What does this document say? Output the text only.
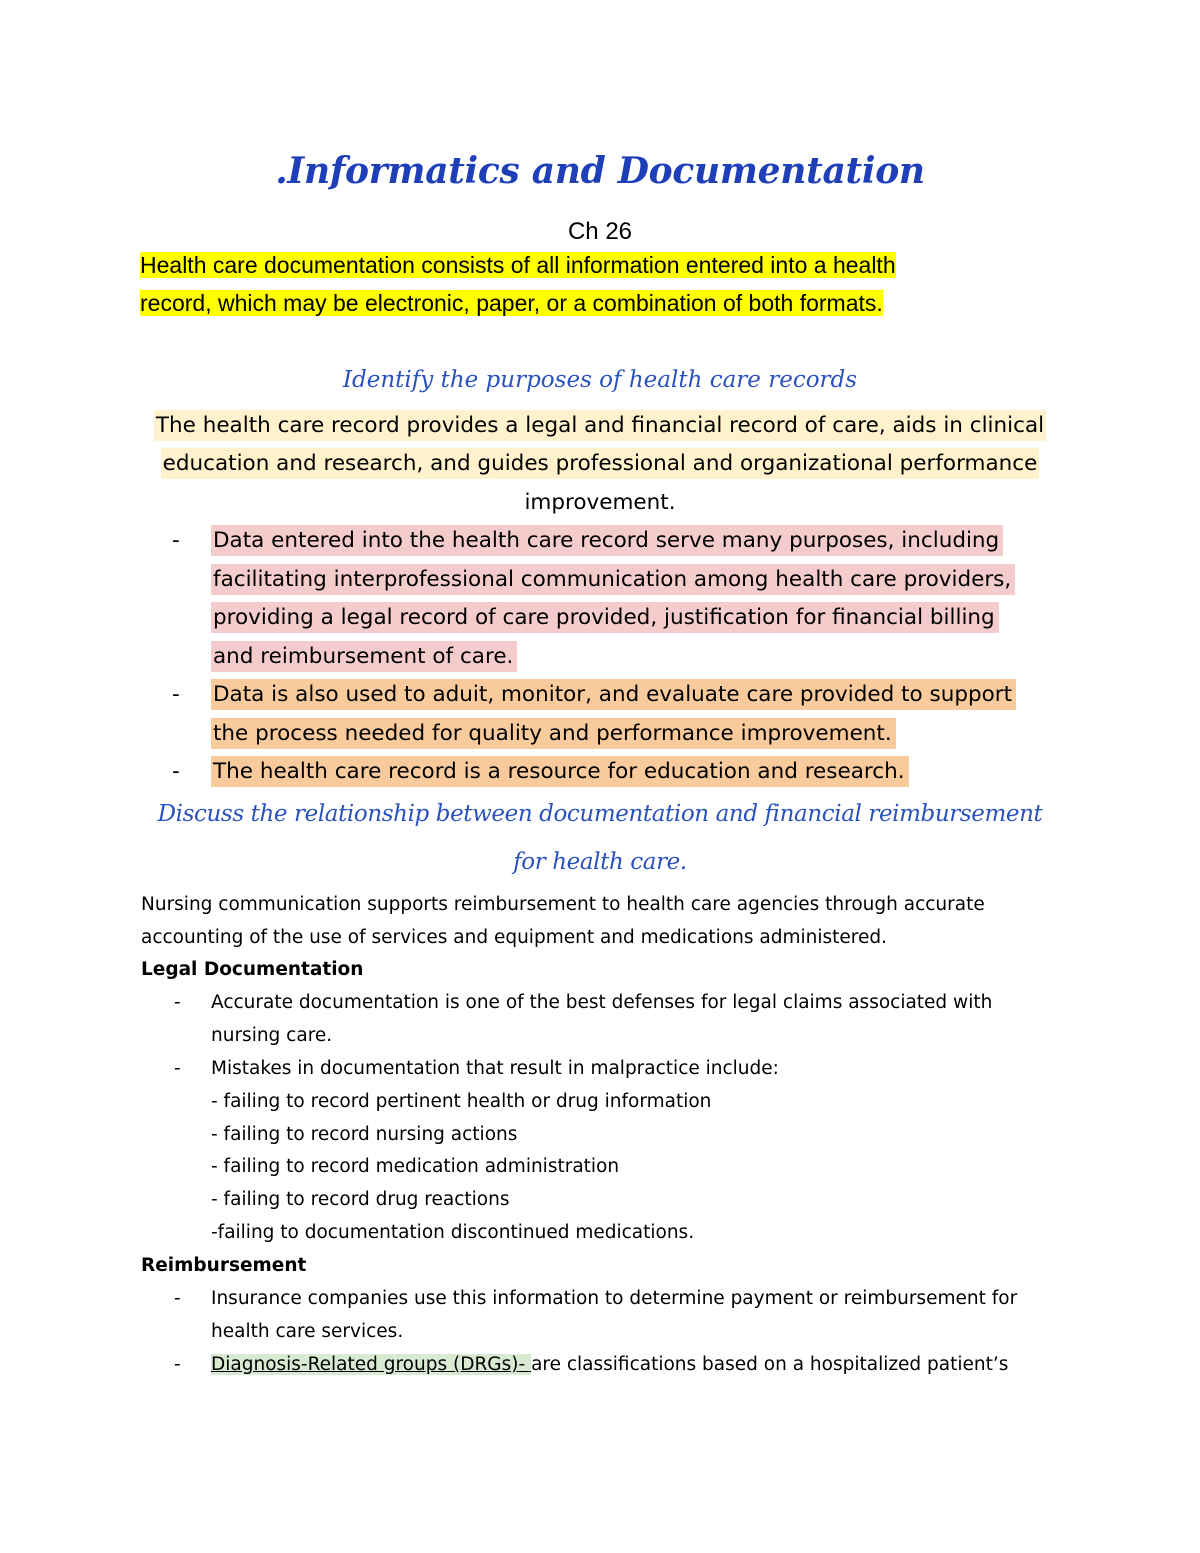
.Informatics and Documentation
Ch 26
Health care documentation consists of all information entered into a health
record, which may be electronic, paper, or a combination of both formats.
Identify the purposes of health care records
The health care record provides a legal and financial record of care, aids in clinical
education and research, and guides professional and organizational performance
improvement.
- Data entered into the health care record serve many purposes, including
facilitating interprofessional communication among health care providers,
providing a legal record of care provided, justification for financial billing
and reimbursement of care.
- Data is also used to aduit, monitor, and evaluate care provided to support
the process needed for quality and performance improvement.
- The health care record is a resource for education and research.
Discuss the relationship between documentation and financial reimbursement
for health care.
Nursing communication supports reimbursement to health care agencies through accurate
accounting of the use of services and equipment and medications administered.
Legal Documentation
- Accurate documentation is one of the best defenses for legal claims associated with
nursing care.
- Mistakes in documentation that result in malpractice include:
- failing to record pertinent health or drug information
- failing to record nursing actions
- failing to record medication administration
- failing to record drug reactions
-failing to documentation discontinued medications.
Reimbursement
- Insurance companies use this information to determine payment or reimbursement for
health care services.
- Diagnosis-Related groups (DRGs)- are classifications based on a hospitalized patient’s
